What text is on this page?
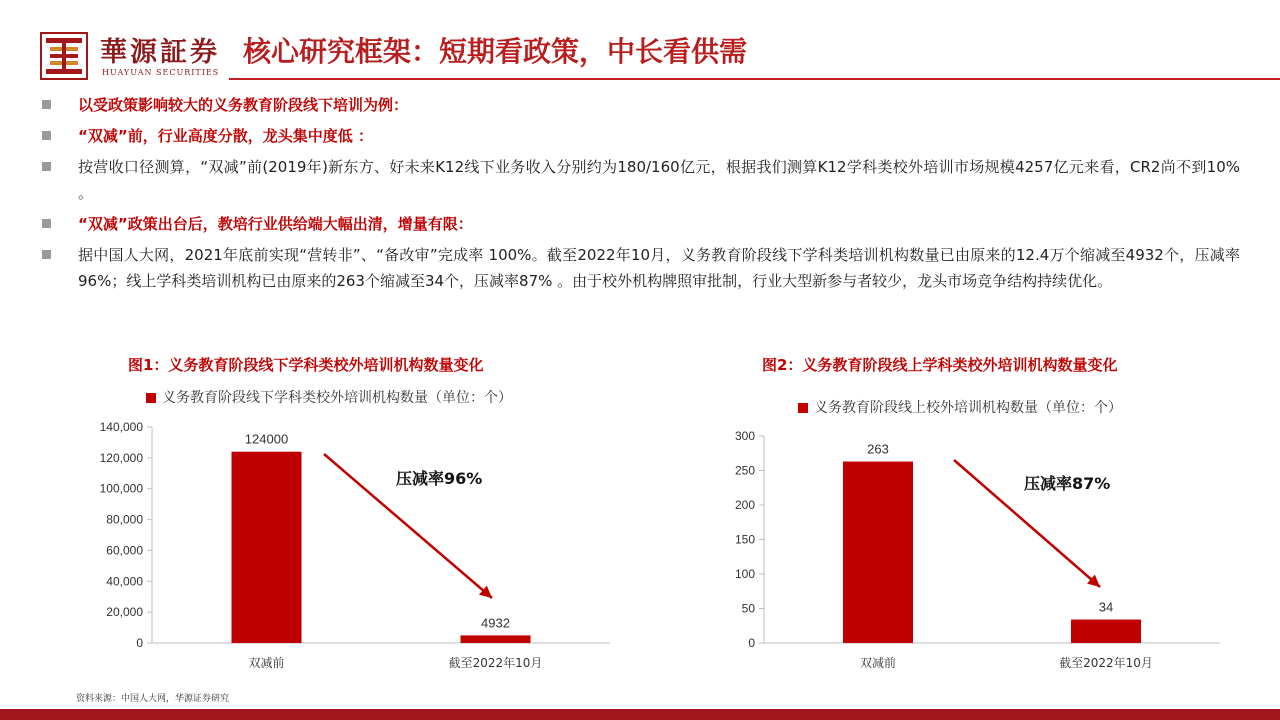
華源証券
HUAYUAN SECURITIES
核心研究框架：短期看政策，中长看供需
以受政策影响较大的义务教育阶段线下培训为例：
“双减”前，行业高度分散，龙头集中度低 ：
按营收口径测算，“双减”前(2019年)新东方、好未来K12线下业务收入分别约为180/160亿元，根据我们测算K12学科类校外培训市场规模4257亿元来看，CR2尚不到10% 。
“双减”政策出台后，教培行业供给端大幅出清，增量有限：
据中国人大网，2021年底前实现“营转非”、“备改审”完成率 100%。截至2022年10月，义务教育阶段线下学科类培训机构数量已由原来的12.4万个缩减至4932个，压减率96%；线上学科类培训机构已由原来的263个缩减至34个，压减率87% 。由于校外机构牌照审批制，行业大型新参与者较少，龙头市场竞争结构持续优化。
图1：义务教育阶段线下学科类校外培训机构数量变化	图2：义务教育阶段线上学科类校外培训机构数量变化
义务教育阶段线下学科类校外培训机构数量（单位：个）
0
20,000
40,000
60,000
80,000
100,000
120,000
140,000
124000
双减前
4932
截至2022年10月
压减率96%
义务教育阶段线上校外培训机构数量（单位：个）
0
50
100
150
200
250
300
263
双减前
34
截至2022年10月
压减率87%
资料来源：中国人大网，华源证券研究
